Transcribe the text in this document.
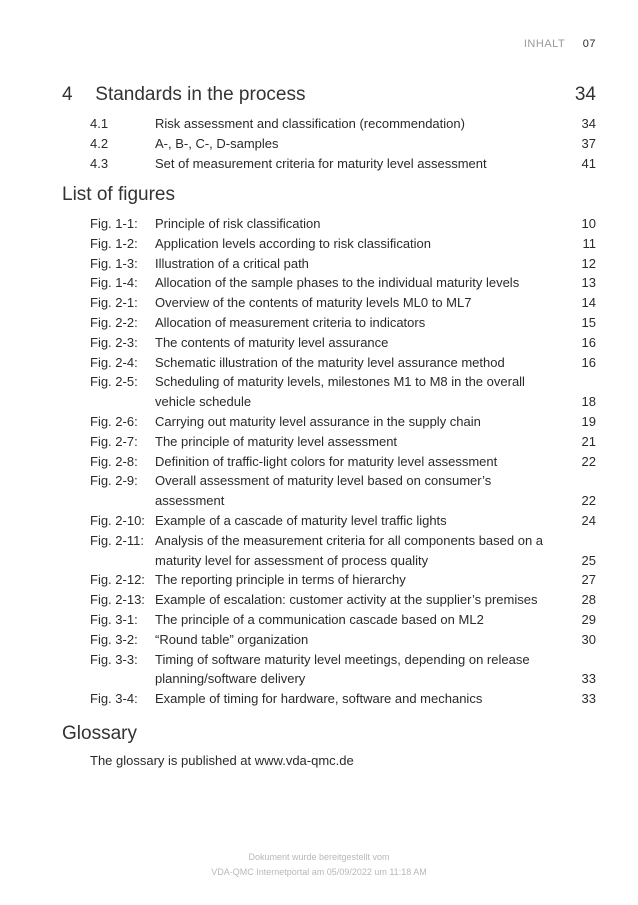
INHALT 07
4 Standards in the process	34
4.1	Risk assessment and classification (recommendation)	34
4.2	A-, B-, C-, D-samples	37
4.3	Set of measurement criteria for maturity level assessment	41
List of figures
Fig. 1-1: Principle of risk classification	10
Fig. 1-2: Application levels according to risk classification	11
Fig. 1-3: Illustration of a critical path	12
Fig. 1-4: Allocation of the sample phases to the individual maturity levels	13
Fig. 2-1: Overview of the contents of maturity levels ML0 to ML7	14
Fig. 2-2: Allocation of measurement criteria to indicators	15
Fig. 2-3: The contents of maturity level assurance	16
Fig. 2-4: Schematic illustration of the maturity level assurance method	16
Fig. 2-5: Scheduling of maturity levels, milestones M1 to M8 in the overall vehicle schedule	18
Fig. 2-6: Carrying out maturity level assurance in the supply chain	19
Fig. 2-7: The principle of maturity level assessment	21
Fig. 2-8: Definition of traffic-light colors for maturity level assessment	22
Fig. 2-9: Overall assessment of maturity level based on consumer’s assessment	22
Fig. 2-10: Example of a cascade of maturity level traffic lights	24
Fig. 2-11: Analysis of the measurement criteria for all components based on a maturity level for assessment of process quality	25
Fig. 2-12: The reporting principle in terms of hierarchy	27
Fig. 2-13: Example of escalation: customer activity at the supplier’s premises	28
Fig. 3-1: The principle of a communication cascade based on ML2	29
Fig. 3-2: “Round table” organization	30
Fig. 3-3: Timing of software maturity level meetings, depending on release planning/software delivery	33
Fig. 3-4: Example of timing for hardware, software and mechanics	33
Glossary
The glossary is published at www.vda-qmc.de
Dokument wurde bereitgestellt vom
VDA-QMC Internetportal am 05/09/2022 um 11:18 AM
